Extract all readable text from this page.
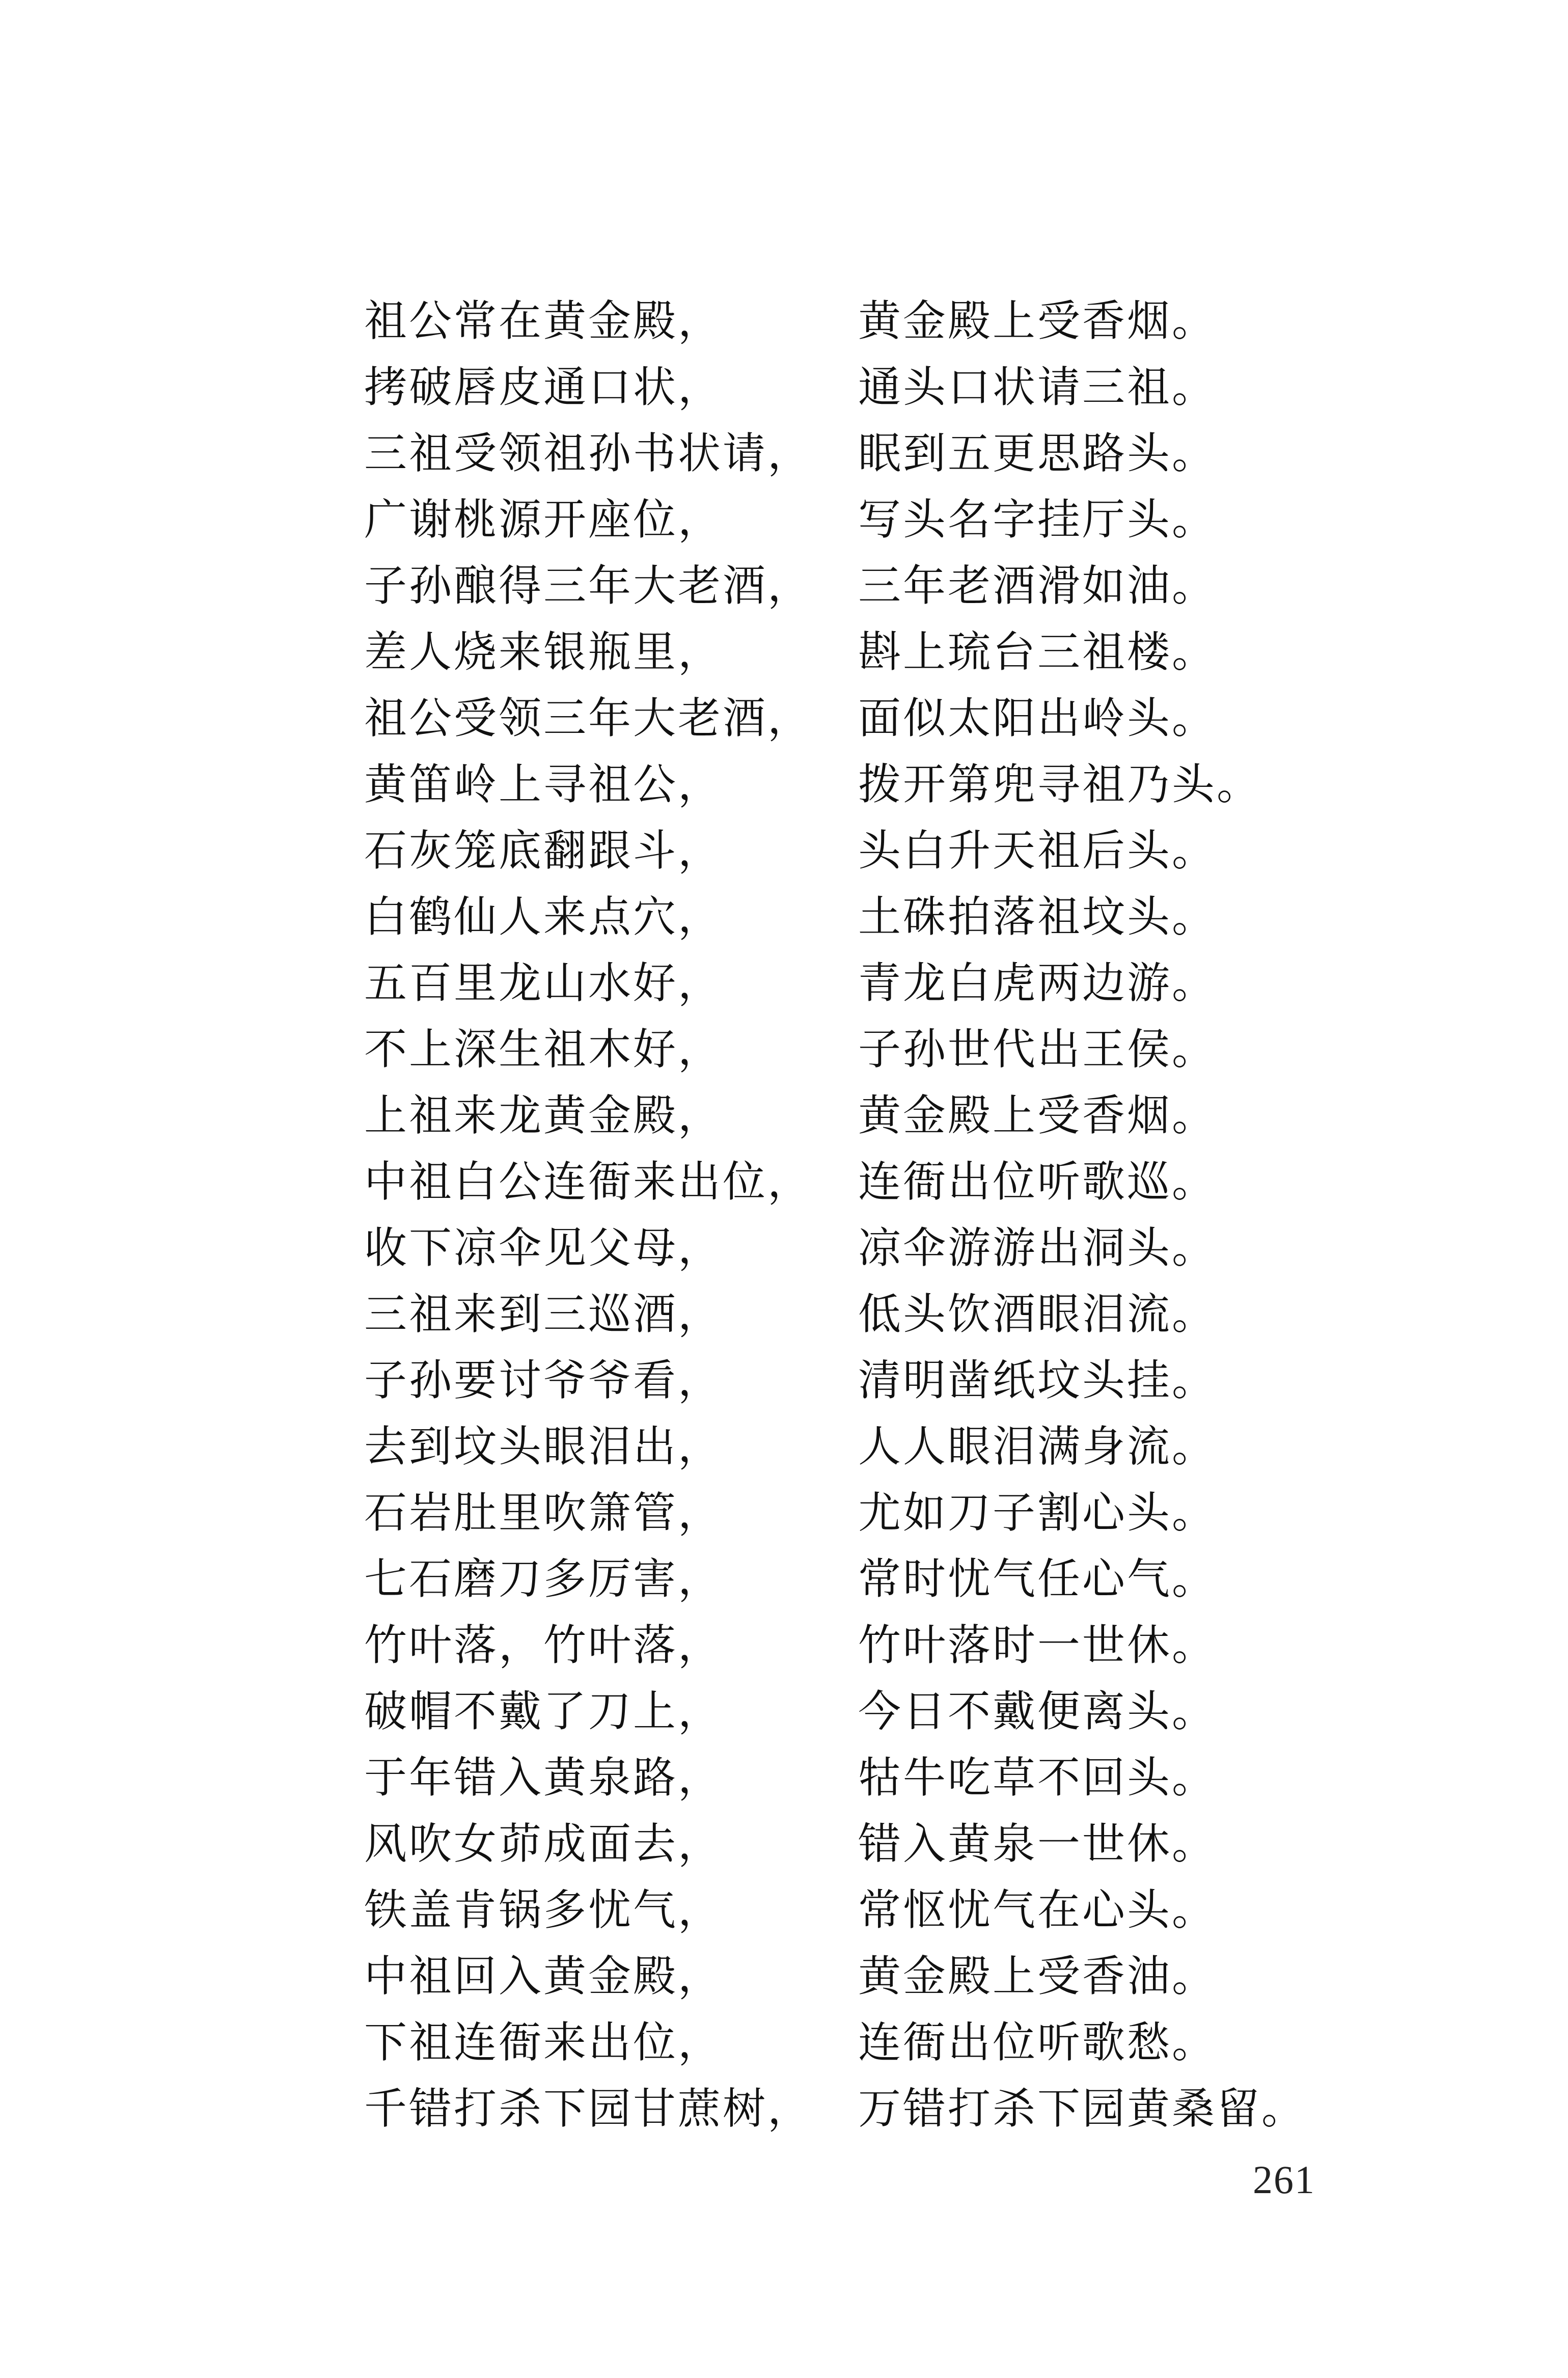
祖公常在黄金殿，	黄金殿上受香烟。
拷破唇皮通口状，	通头口状请三祖。
三祖受领祖孙书状请， 眠到五更思路头。
广谢桃源开座位，	写头名字挂厅头。
子孙酿得三年大老酒， 三年老酒滑如油。
差人烧来银瓶里，	斟上琉台三祖楼。
祖公受领三年大老酒， 面似太阳出岭头。
黄笛岭上寻祖公，	拨开第兜寻祖乃头。
石灰笼底翻跟斗，	头白升天祖后头。
白鹤仙人来点穴，	土硃拍落祖坟头。
五百里龙山水好，	青龙白虎两边游。
不上深生祖木好，	子孙世代出王侯。
上祖来龙黄金殿，	黄金殿上受香烟。
中祖白公连衙来出位， 连衙出位听歌巡。
收下凉伞见父母，	凉伞游游出洞头。
三祖来到三巡酒，	低头饮酒眼泪流。
子孙要讨爷爷看，	清明凿纸坟头挂。
去到坟头眼泪出，	人人眼泪满身流。
石岩肚里吹箫管，	尤如刀子割心头。
七石磨刀多厉害，	常时忧气任心气。
竹叶落，竹叶落，	竹叶落时一世休。
破帽不戴了刀上，	今日不戴便离头。
于年错入黄泉路，	牯牛吃草不回头。
风吹女茆成面去，	错入黄泉一世休。
铁盖肯锅多忧气，	常怄忧气在心头。
中祖回入黄金殿，	黄金殿上受香油。
下祖连衙来出位，	连衙出位听歌愁。
千错打杀下园甘蔗树， 万错打杀下园黄桑留。
261
